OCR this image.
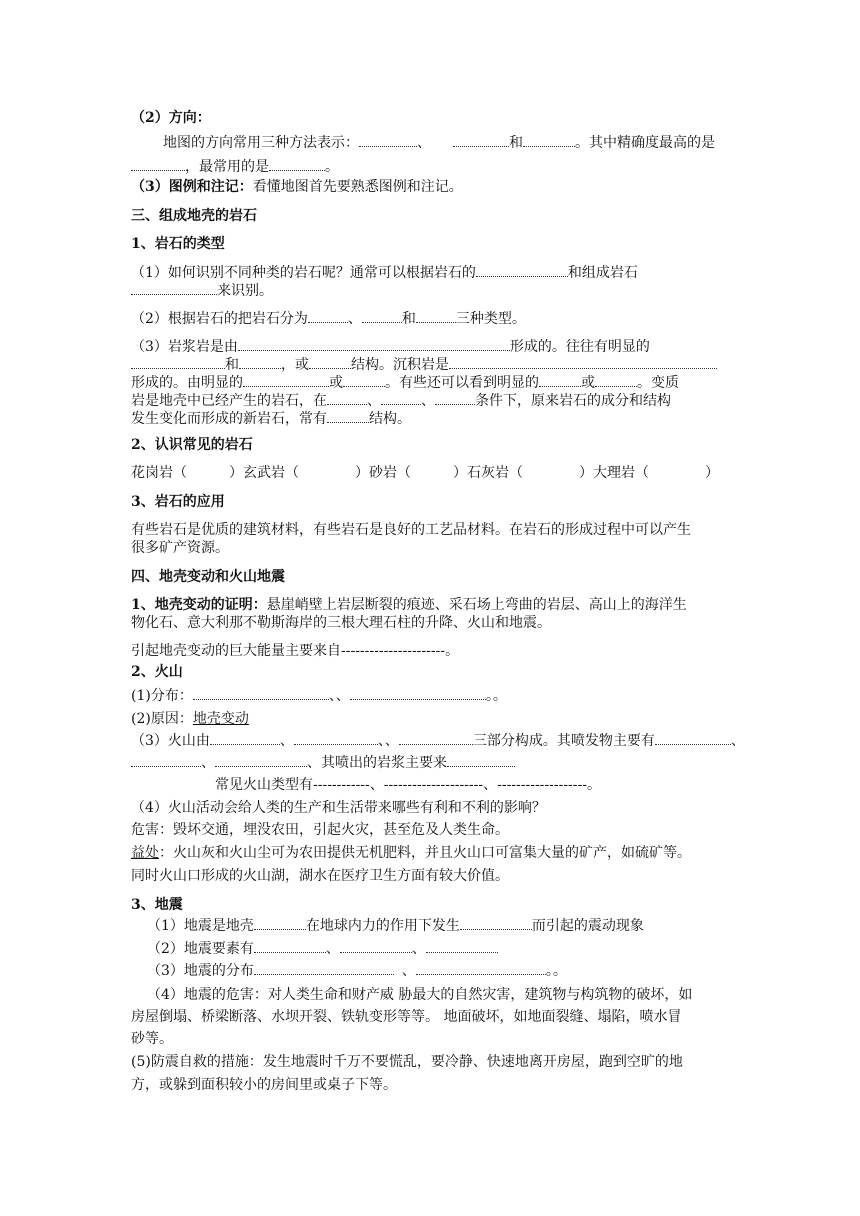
（2）方向：
地图的方向常用三种方法表示：	、	和	。其中精确度最高的是
，最常用的是	。
（3）图例和注记：看懂地图首先要熟悉图例和注记。
三、组成地壳的岩石
1、岩石的类型
（1）如何识别不同种类的岩石呢？通常可以根据岩石的	和组成岩石
来识别。
（2）根据岩石的把岩石分为	、	和	三种类型。
（3）岩浆岩是由	形成的。往往有明显的
和	，或	结构。沉积岩是
形成的。由明显的	或	。有些还可以看到明显的	或	。变质
岩是地壳中已经产生的岩石，在	、	、	条件下，原来岩石的成分和结构
发生变化而形成的新岩石，常有	结构。
2、认识常见的岩石
花岗岩（　　　）玄武岩（　　　　）砂岩（　　　）石灰岩（　　　　）大理岩（　　　　）
3、岩石的应用
有些岩石是优质的建筑材料，有些岩石是良好的工艺品材料。在岩石的形成过程中可以产生
很多矿产资源。
四、地壳变动和火山地震
1、地壳变动的证明：悬崖峭壁上岩层断裂的痕迹、采石场上弯曲的岩层、高山上的海洋生
物化石、意大利那不勒斯海岸的三根大理石柱的升降、火山和地震。
引起地壳变动的巨大能量主要来自----------------------。
2、火山
(1)分布：	、、	。。
(2)原因：地壳变动
（3）火山由	、	、、	三部分构成。其喷发物主要有	、
、	、其喷出的岩浆主要来
常见火山类型有------------、---------------------、-------------------。
（4）火山活动会给人类的生产和生活带来哪些有利和不利的影响？
危害：毁坏交通，埋没农田，引起火灾，甚至危及人类生命。
益处：火山灰和火山尘可为农田提供无机肥料，并且火山口可富集大量的矿产，如硫矿等。
同时火山口形成的火山湖，湖水在医疗卫生方面有较大价值。
3、地震
（1）地震是地壳	在地球内力的作用下发生	而引起的震动现象
（2）地震要素有	、	、
（3）地震的分布	、	。。
（4）地震的危害：对人类生命和财产威 胁最大的自然灾害，建筑物与构筑物的破坏，如
房屋倒塌、桥梁断落、水坝开裂、铁轨变形等等。 地面破坏，如地面裂缝、塌陷，喷水冒
砂等。
(5)防震自救的措施：发生地震时千万不要慌乱，要冷静、快速地离开房屋，跑到空旷的地
方，或躲到面积较小的房间里或桌子下等。
